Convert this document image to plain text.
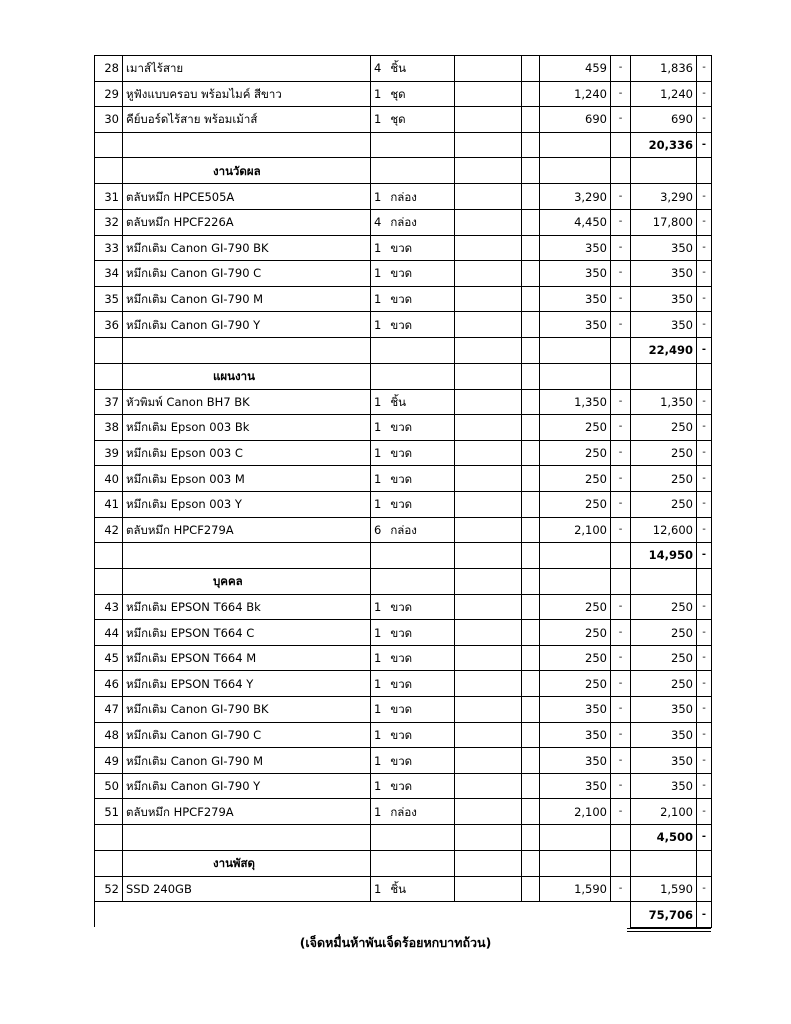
28	เมาส์ไร้สาย	4 ชิ้น			459	-	1,836	-
29	หูฟังแบบครอบ พร้อมไมค์ สีขาว	1 ชุด			1,240	-	1,240	-
30	คีย์บอร์ดไร้สาย พร้อมเม้าส์	1 ชุด			690	-	690	-
							20,336	-
	งานวัดผล							
31	ตลับหมึก HPCE505A	1 กล่อง			3,290	-	3,290	-
32	ตลับหมึก HPCF226A	4 กล่อง			4,450	-	17,800	-
33	หมึกเติม Canon GI-790 BK	1 ขวด			350	-	350	-
34	หมึกเติม Canon GI-790 C	1 ขวด			350	-	350	-
35	หมึกเติม Canon GI-790 M	1 ขวด			350	-	350	-
36	หมึกเติม Canon GI-790 Y	1 ขวด			350	-	350	-
							22,490	-
	แผนงาน							
37	หัวพิมพ์ Canon BH7 BK	1 ชิ้น			1,350	-	1,350	-
38	หมึกเติม Epson 003 Bk	1 ขวด			250	-	250	-
39	หมึกเติม Epson 003 C	1 ขวด			250	-	250	-
40	หมึกเติม Epson 003 M	1 ขวด			250	-	250	-
41	หมึกเติม Epson 003 Y	1 ขวด			250	-	250	-
42	ตลับหมึก HPCF279A	6 กล่อง			2,100	-	12,600	-
							14,950	-
	บุคคล							
43	หมึกเติม EPSON T664 Bk	1 ขวด			250	-	250	-
44	หมึกเติม EPSON T664 C	1 ขวด			250	-	250	-
45	หมึกเติม EPSON T664 M	1 ขวด			250	-	250	-
46	หมึกเติม EPSON T664 Y	1 ขวด			250	-	250	-
47	หมึกเติม Canon GI-790 BK	1 ขวด			350	-	350	-
48	หมึกเติม Canon GI-790 C	1 ขวด			350	-	350	-
49	หมึกเติม Canon GI-790 M	1 ขวด			350	-	350	-
50	หมึกเติม Canon GI-790 Y	1 ขวด			350	-	350	-
51	ตลับหมึก HPCF279A	1 กล่อง			2,100	-	2,100	-
							4,500	-
	งานพัสดุ							
52	SSD 240GB	1 ชิ้น			1,590	-	1,590	-
							75,706	-
(เจ็ดหมื่นห้าพันเจ็ดร้อยหกบาทถ้วน)
